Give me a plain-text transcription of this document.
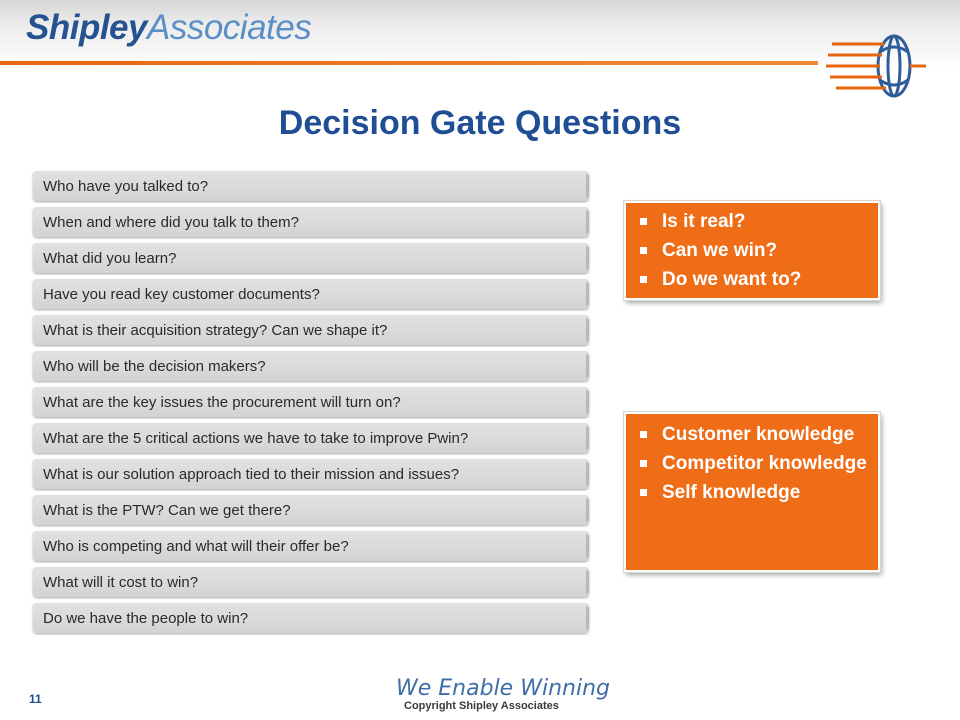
ShipleyAssociates
Decision Gate Questions
Who have you talked to?
When and where did you talk to them?
What did you learn?
Have you read key customer documents?
What is their acquisition strategy? Can we shape it?
Who will be the decision makers?
What are the key issues the procurement will turn on?
What are the 5 critical actions we have to take to improve Pwin?
What is our solution approach tied to their mission and issues?
What is the PTW? Can we get there?
Who is competing and what will their offer be?
What will it cost to win?
Do we have the people to win?
Is it real?
Can we win?
Do we want to?
Customer knowledge
Competitor knowledge
Self knowledge
11	We Enable Winning
Copyright Shipley Associates
